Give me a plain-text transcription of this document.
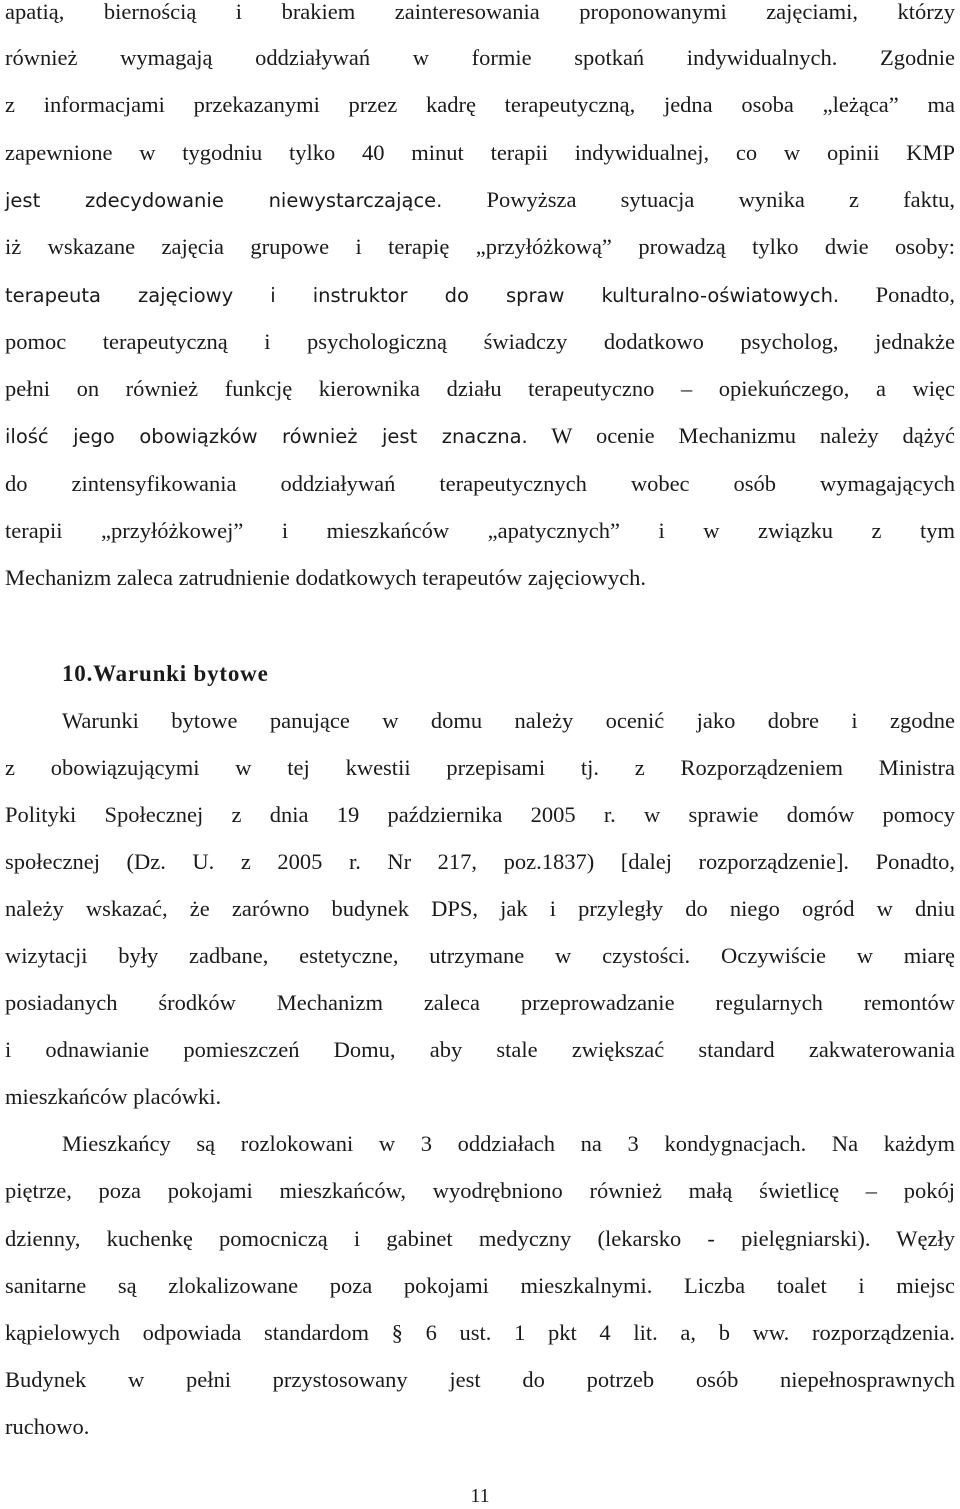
apatią, biernością i brakiem zainteresowania proponowanymi zajęciami, którzy
również wymagają oddziaływań w formie spotkań indywidualnych. Zgodnie
z informacjami przekazanymi przez kadrę terapeutyczną, jedna osoba „leżąca” ma
zapewnione w tygodniu tylko 40 minut terapii indywidualnej, co w opinii KMP
jest zdecydowanie niewystarczające. Powyższa sytuacja wynika z faktu,
iż wskazane zajęcia grupowe i terapię „przyłóżkową” prowadzą tylko dwie osoby:
terapeuta zajęciowy i instruktor do spraw kulturalno-oświatowych. Ponadto,
pomoc terapeutyczną i psychologiczną świadczy dodatkowo psycholog, jednakże
pełni on również funkcję kierownika działu terapeutyczno – opiekuńczego, a więc
ilość jego obowiązków również jest znaczna. W ocenie Mechanizmu należy dążyć
do zintensyfikowania oddziaływań terapeutycznych wobec osób wymagających
terapii „przyłóżkowej” i mieszkańców „apatycznych” i w związku z tym
Mechanizm zaleca zatrudnienie dodatkowych terapeutów zajęciowych.
10.Warunki bytowe
Warunki bytowe panujące w domu należy ocenić jako dobre i zgodne
z obowiązującymi w tej kwestii przepisami tj. z Rozporządzeniem Ministra
Polityki Społecznej z dnia 19 października 2005 r. w sprawie domów pomocy
społecznej (Dz. U. z 2005 r. Nr 217, poz.1837) [dalej rozporządzenie]. Ponadto,
należy wskazać, że zarówno budynek DPS, jak i przyległy do niego ogród w dniu
wizytacji były zadbane, estetyczne, utrzymane w czystości. Oczywiście w miarę
posiadanych środków Mechanizm zaleca przeprowadzanie regularnych remontów
i odnawianie pomieszczeń Domu, aby stale zwiększać standard zakwaterowania
mieszkańców placówki.
Mieszkańcy są rozlokowani w 3 oddziałach na 3 kondygnacjach. Na każdym
piętrze, poza pokojami mieszkańców, wyodrębniono również małą świetlicę – pokój
dzienny, kuchenkę pomocniczą i gabinet medyczny (lekarsko - pielęgniarski). Węzły
sanitarne są zlokalizowane poza pokojami mieszkalnymi. Liczba toalet i miejsc
kąpielowych odpowiada standardom § 6 ust. 1 pkt 4 lit. a, b ww. rozporządzenia.
Budynek w pełni przystosowany jest do potrzeb osób niepełnosprawnych
ruchowo.
11
